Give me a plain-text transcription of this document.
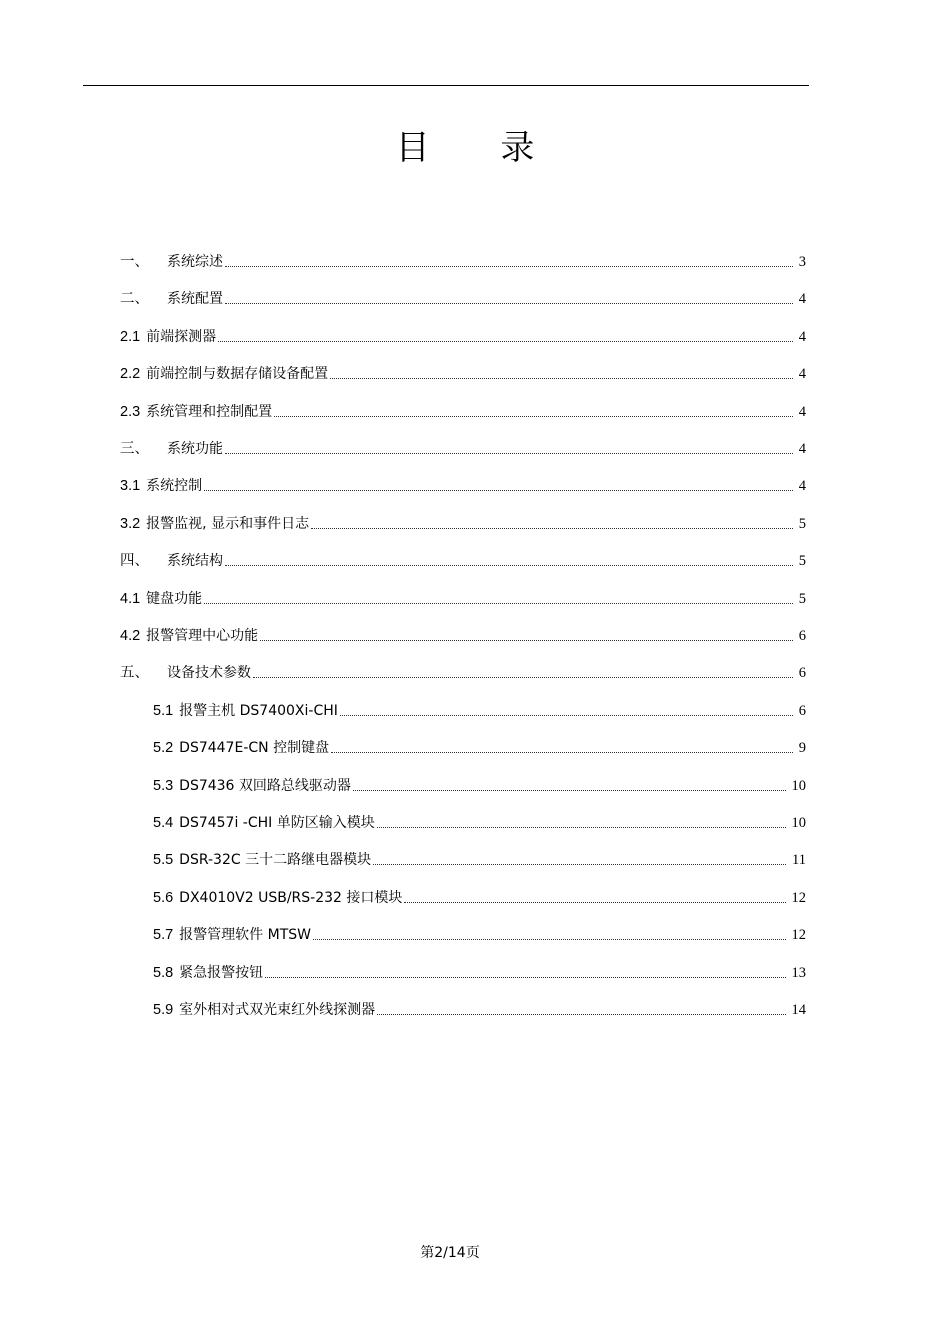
目 录
一、 系统综述	3
二、 系统配置	4
2.1 前端探测器	4
2.2 前端控制与数据存储设备配置	4
2.3 系统管理和控制配置	4
三、 系统功能	4
3.1 系统控制	4
3.2 报警监视, 显示和事件日志	5
四、 系统结构	5
4.1 键盘功能	5
4.2 报警管理中心功能	6
五、 设备技术参数	6
5.1 报警主机 DS7400Xi-CHI	6
5.2 DS7447E-CN 控制键盘	9
5.3 DS7436 双回路总线驱动器	10
5.4 DS7457i -CHI 单防区输入模块	10
5.5 DSR-32C 三十二路继电器模块	11
5.6 DX4010V2 USB/RS-232 接口模块	12
5.7 报警管理软件 MTSW	12
5.8 紧急报警按钮	13
5.9 室外相对式双光束红外线探测器	14
第2/14页
